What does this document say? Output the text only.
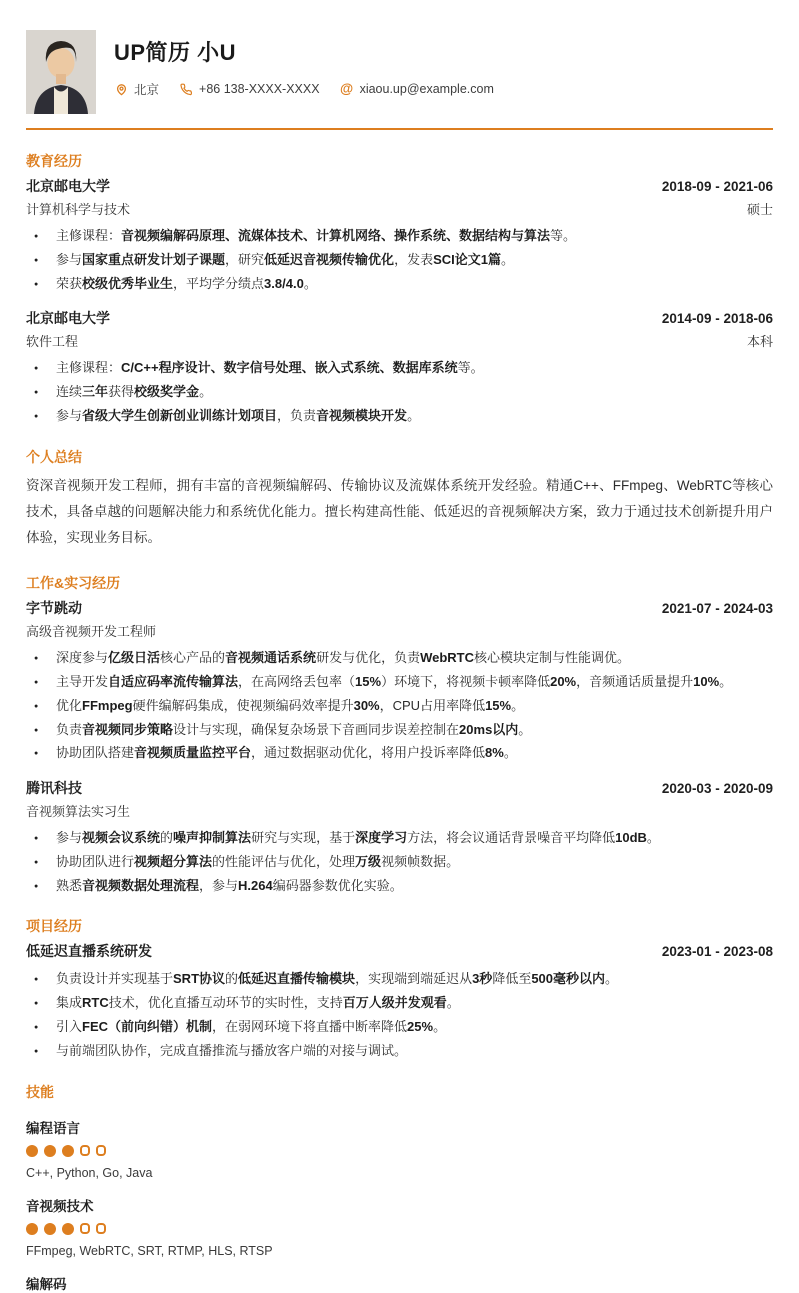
UP简历 小U
北京	+86 138-XXXX-XXXX @ xiaou.up@example.com
教育经历
北京邮电大学	2018-09 - 2021-06
计算机科学与技术	硕士
● 主修课程：音视频编解码原理、流媒体技术、计算机网络、操作系统、数据结构与算法等。
● 参与国家重点研发计划子课题，研究低延迟音视频传输优化，发表SCI论文1篇。
● 荣获校级优秀毕业生，平均学分绩点3.8/4.0。
北京邮电大学	2014-09 - 2018-06
软件工程	本科
● 主修课程：C/C++程序设计、数字信号处理、嵌入式系统、数据库系统等。
● 连续三年获得校级奖学金。
● 参与省级大学生创新创业训练计划项目，负责音视频模块开发。
个人总结

资深音视频开发工程师，拥有丰富的音视频编解码、传输协议及流媒体系统开发经验。精通C++、FFmpeg、WebRTC等核心技术，具备卓越的问题解决能力和系统优化能力。擅长构建高性能、低延迟的音视频解决方案，致力于通过技术创新提升用户体验，实现业务目标。

工作&实习经历
字节跳动	2021-07 - 2024-03
高级音视频开发工程师
● 深度参与亿级日活核心产品的音视频通话系统研发与优化，负责WebRTC核心模块定制与性能调优。
● 主导开发自适应码率流传输算法，在高网络丢包率（15%）环境下，将视频卡顿率降低20%，音频通话质量提升10%。
● 优化FFmpeg硬件编解码集成，使视频编码效率提升30%，CPU占用率降低15%。
● 负责音视频同步策略设计与实现，确保复杂场景下音画同步误差控制在20ms以内。
● 协助团队搭建音视频质量监控平台，通过数据驱动优化，将用户投诉率降低8%。
腾讯科技	2020-03 - 2020-09
音视频算法实习生
● 参与视频会议系统的噪声抑制算法研究与实现，基于深度学习方法，将会议通话背景噪音平均降低10dB。
● 协助团队进行视频超分算法的性能评估与优化，处理万级视频帧数据。
● 熟悉音视频数据处理流程，参与H.264编码器参数优化实验。
项目经历
低延迟直播系统研发	2023-01 - 2023-08
● 负责设计并实现基于SRT协议的低延迟直播传输模块，实现端到端延迟从3秒降低至500毫秒以内。
● 集成RTC技术，优化直播互动环节的实时性，支持百万人级并发观看。
● 引入FEC（前向纠错）机制，在弱网环境下将直播中断率降低25%。
● 与前端团队协作，完成直播推流与播放客户端的对接与调试。
技能
编程语言
C++, Python, Go, Java
音视频技术
FFmpeg, WebRTC, SRT, RTMP, HLS, RTSP
编解码
